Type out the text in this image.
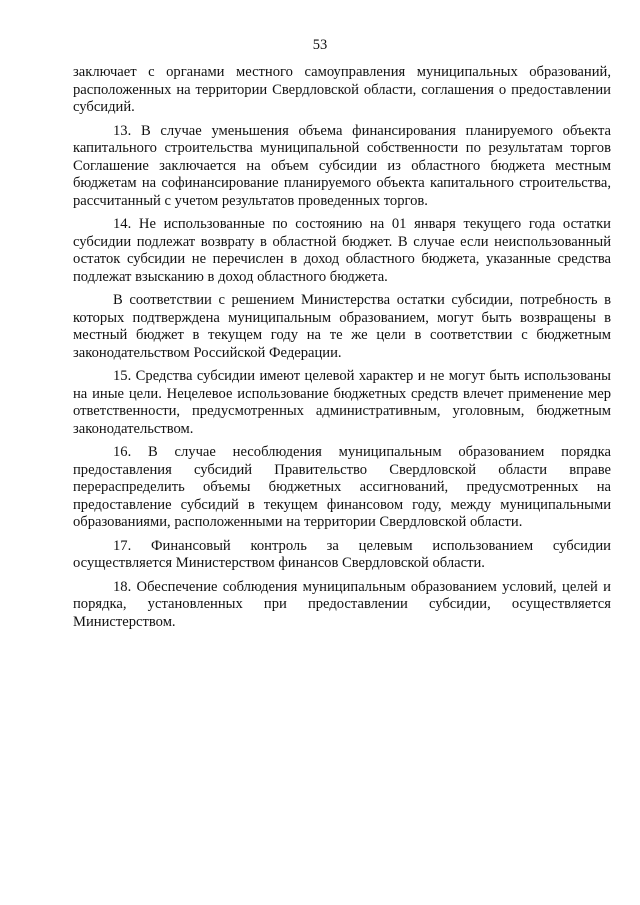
53

заключает с органами местного самоуправления муниципальных образований, расположенных на территории Свердловской области, соглашения о предоставлении субсидий.

13. В случае уменьшения объема финансирования планируемого объекта капитального строительства муниципальной собственности по результатам торгов Соглашение заключается на объем субсидии из областного бюджета местным бюджетам на софинансирование планируемого объекта капитального строительства, рассчитанный с учетом результатов проведенных торгов.

14. Не использованные по состоянию на 01 января текущего года остатки субсидии подлежат возврату в областной бюджет. В случае если неиспользованный остаток субсидии не перечислен в доход областного бюджета, указанные средства подлежат взысканию в доход областного бюджета.

В соответствии с решением Министерства остатки субсидии, потребность в которых подтверждена муниципальным образованием, могут быть возвращены в местный бюджет в текущем году на те же цели в соответствии с бюджетным законодательством Российской Федерации.

15. Средства субсидии имеют целевой характер и не могут быть использованы на иные цели. Нецелевое использование бюджетных средств влечет применение мер ответственности, предусмотренных административным, уголовным, бюджетным законодательством.

16. В случае несоблюдения муниципальным образованием порядка предоставления субсидий Правительство Свердловской области вправе перераспределить объемы бюджетных ассигнований, предусмотренных на предоставление субсидий в текущем финансовом году, между муниципальными образованиями, расположенными на территории Свердловской области.

17. Финансовый контроль за целевым использованием субсидии осуществляется Министерством финансов Свердловской области.

18. Обеспечение соблюдения муниципальным образованием условий, целей и порядка, установленных при предоставлении субсидии, осуществляется Министерством.
